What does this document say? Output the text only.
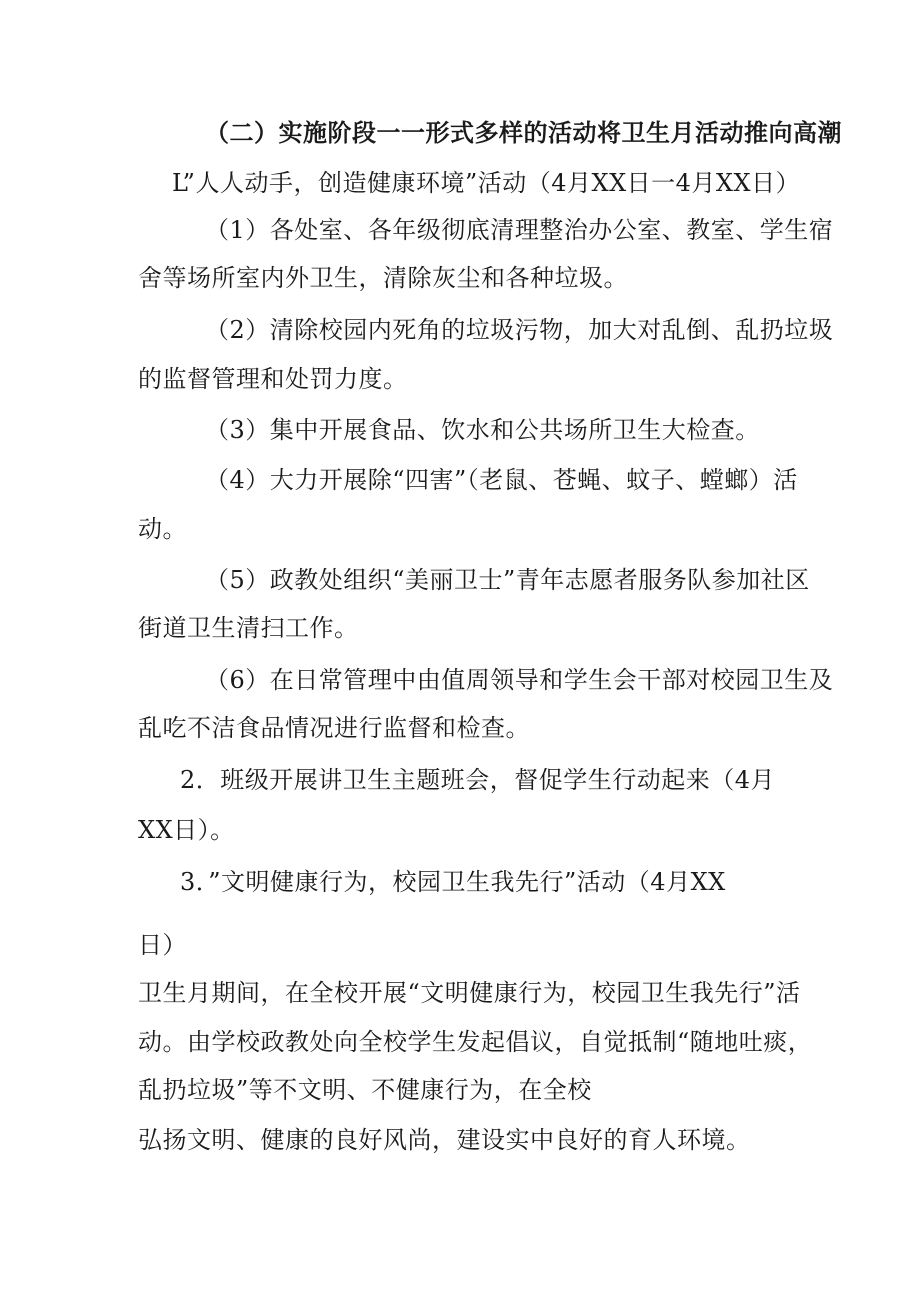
（二）实施阶段一一形式多样的活动将卫生月活动推向高潮
L”人人动手，创造健康环境”活动（4月XX日一4月XX日）
（1）各处室、各年级彻底清理整治办公室、教室、学生宿
舍等场所室内外卫生，清除灰尘和各种垃圾。
（2）清除校园内死角的垃圾污物，加大对乱倒、乱扔垃圾
的监督管理和处罚力度。
（3）集中开展食品、饮水和公共场所卫生大检查。
（4）大力开展除“四害”（老鼠、苍蝇、蚊子、螳螂）活
动。
（5）政教处组织“美丽卫士”青年志愿者服务队参加社区
街道卫生清扫工作。
（6）在日常管理中由值周领导和学生会干部对校园卫生及
乱吃不洁食品情况进行监督和检查。
2．班级开展讲卫生主题班会，督促学生行动起来（4月
XX日）。
3．”文明健康行为，校园卫生我先行”活动（4月XX
日）
卫生月期间，在全校开展“文明健康行为，校园卫生我先行”活
动。由学校政教处向全校学生发起倡议，自觉抵制“随地吐痰，
乱扔垃圾”等不文明、不健康行为，在全校
弘扬文明、健康的良好风尚，建设实中良好的育人环境。
